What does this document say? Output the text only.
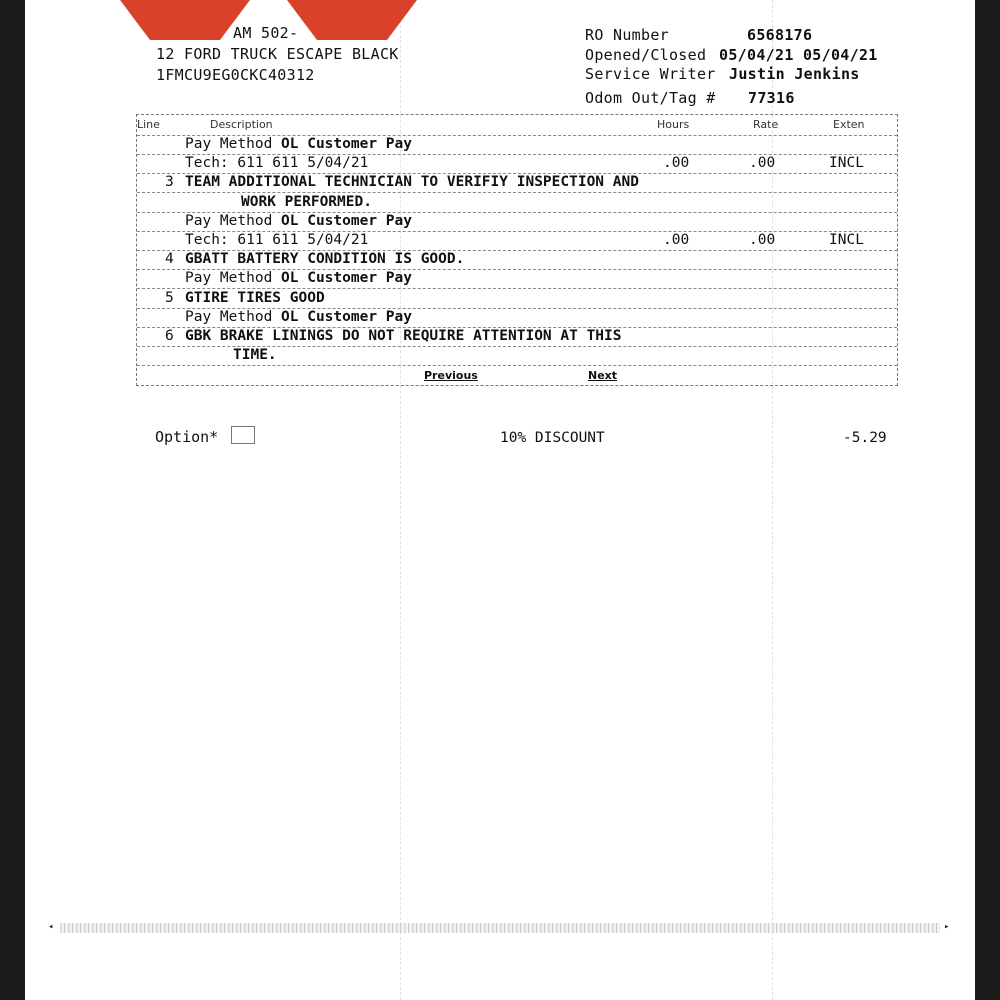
AM 502-
12 FORD TRUCK ESCAPE BLACK
1FMCU9EG0CKC40312
RO Number	6568176
Opened/Closed 05/04/21 05/04/21
Service Writer Justin Jenkins
Odom Out/Tag # 77316
Line	Description	Hours	Rate	Exten
Pay Method OL Customer Pay
Tech: 611 611 5/04/21	.00	.00	INCL
3 TEAM ADDITIONAL TECHNICIAN TO VERIFIY INSPECTION AND
WORK PERFORMED.
Pay Method OL Customer Pay
Tech: 611 611 5/04/21	.00	.00	INCL
4 GBATT BATTERY CONDITION IS GOOD.
Pay Method OL Customer Pay
5 GTIRE TIRES GOOD
Pay Method OL Customer Pay
6 GBK BRAKE LININGS DO NOT REQUIRE ATTENTION AT THIS
TIME.
Previous	Next
Option*	10% DISCOUNT	-5.29
◂	▸
